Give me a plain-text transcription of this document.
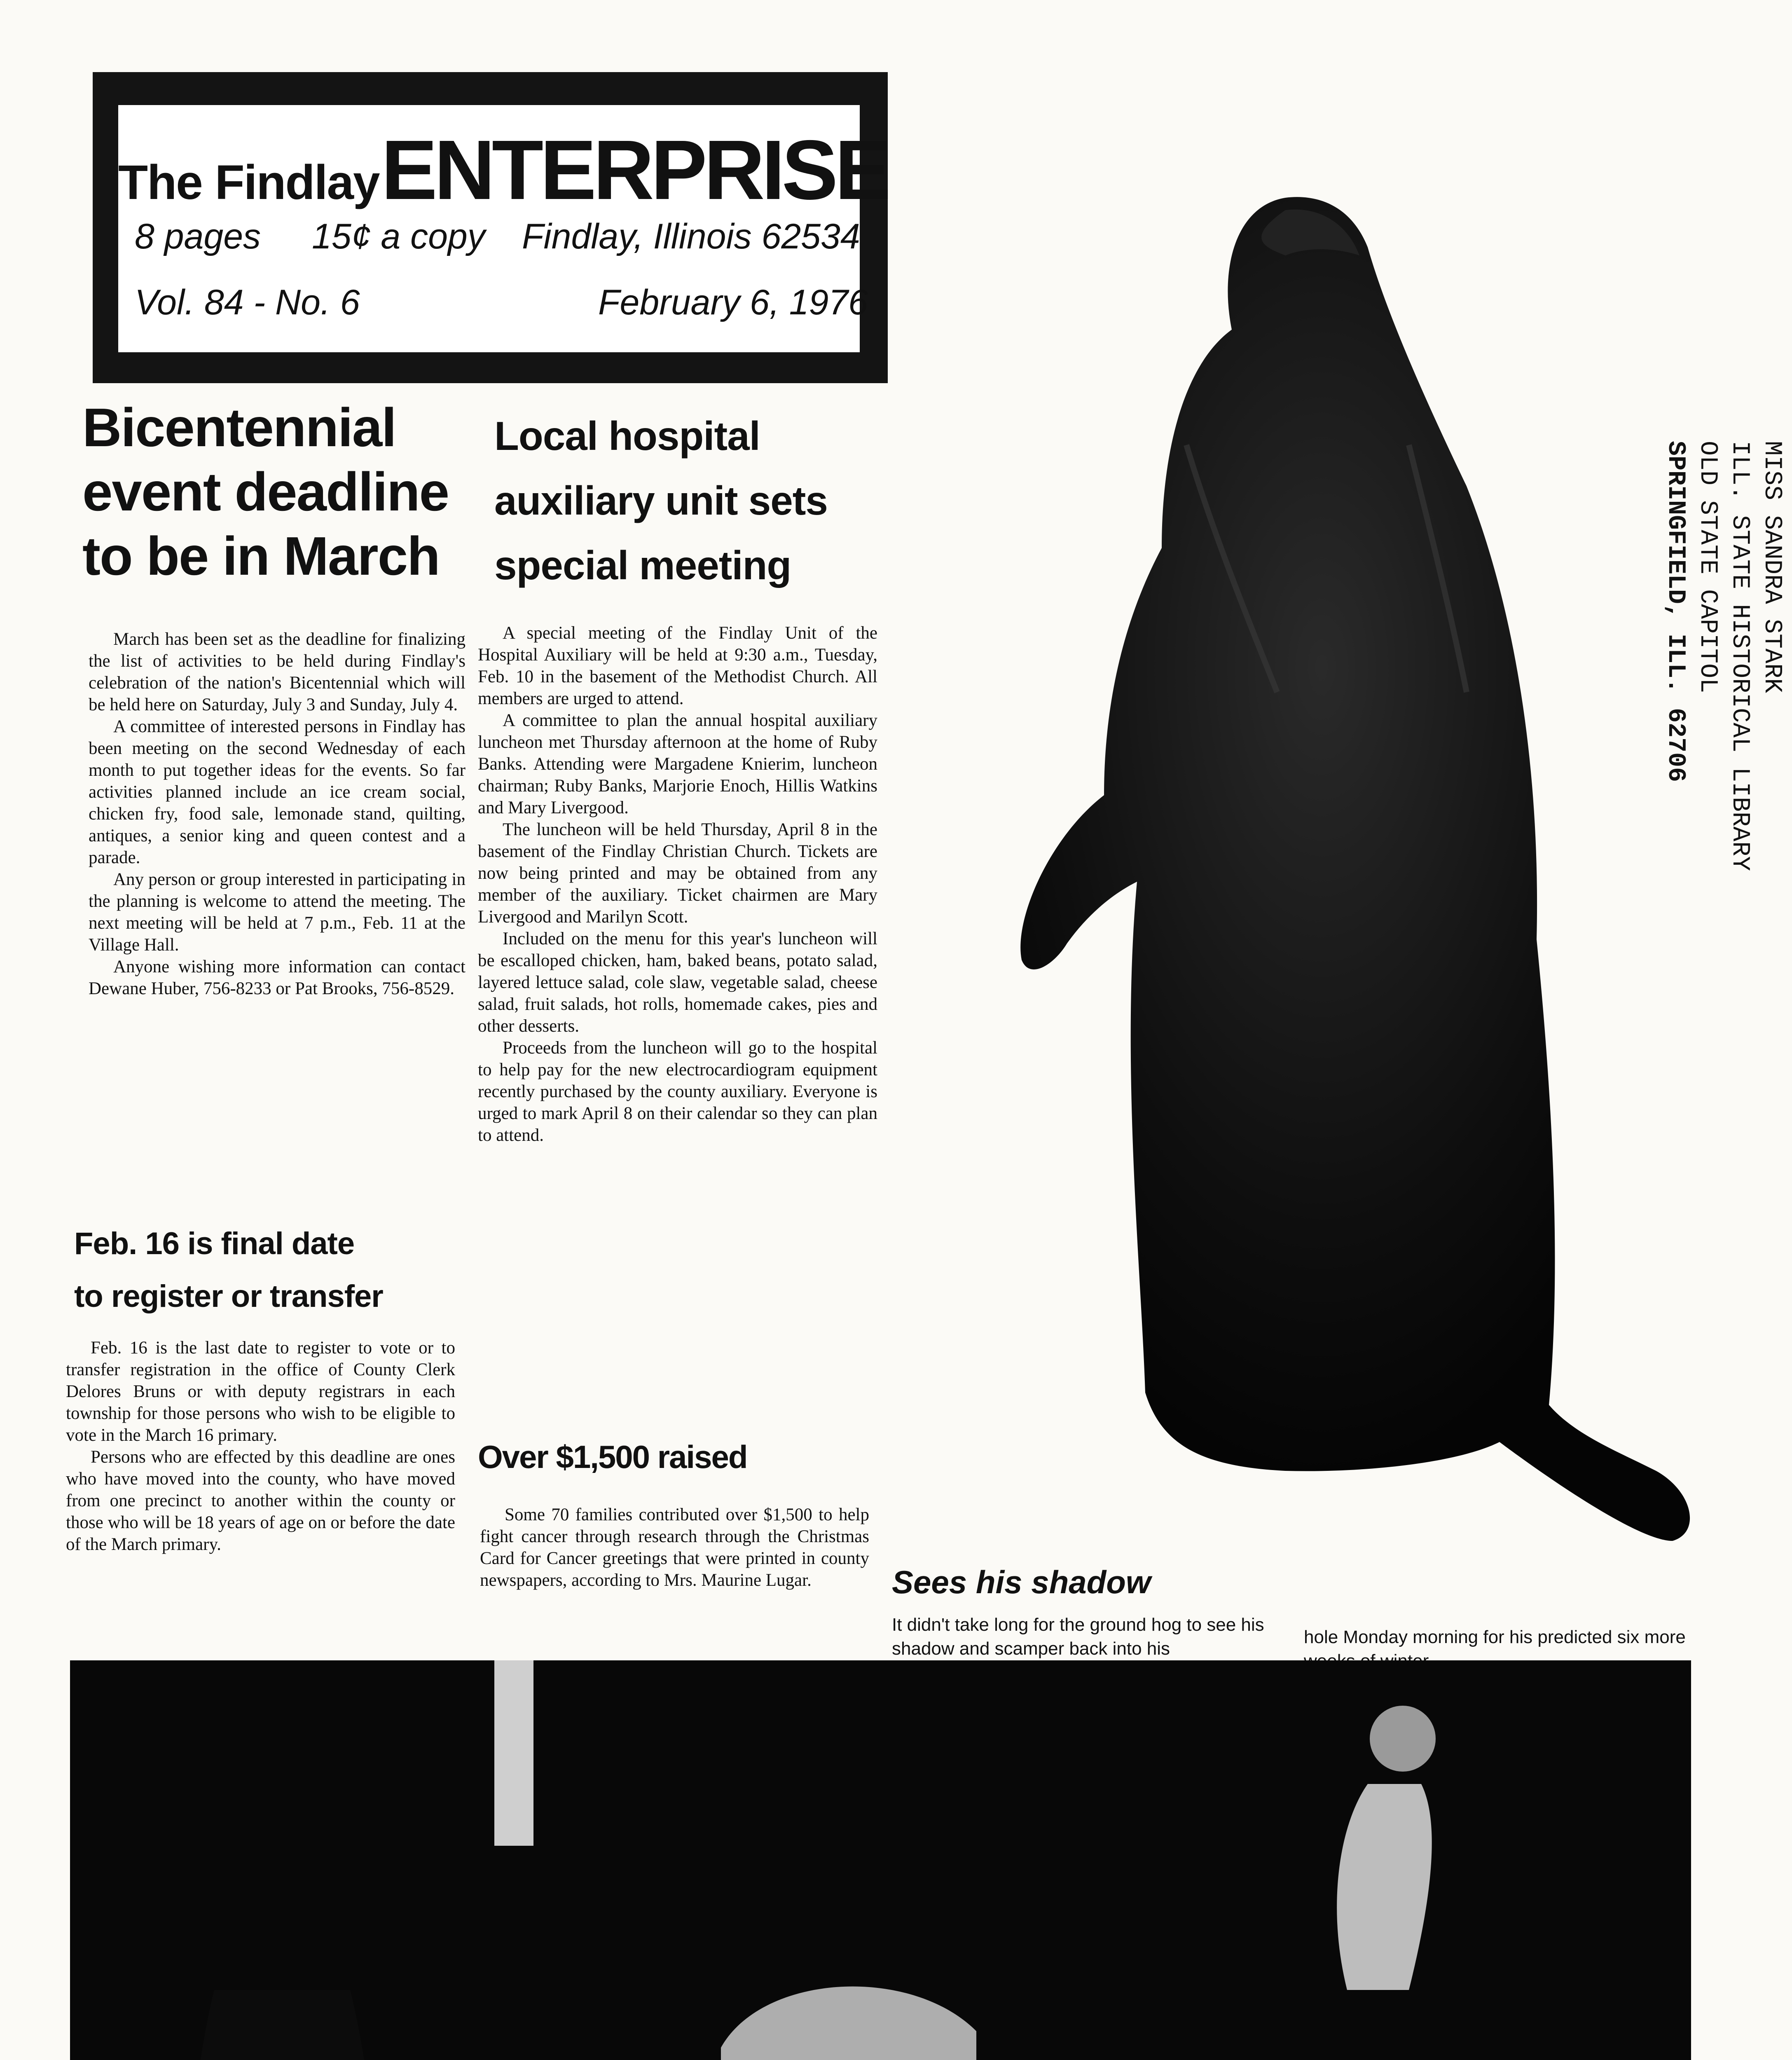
The Findlay ENTERPRISE
8 pages 15¢ a copy Findlay, Illinois 62534
Vol. 84 - No. 6	February 6, 1976
MISS SANDRA STARK
ILL. STATE HISTORICAL LIBRARY
OLD STATE CAPITOL
SPRINGFIELD, ILL. 62706
Bicentennial
event deadline
to be in March

March has been set as the deadline for finalizing the list of activities to be held during Findlay's celebration of the nation's Bicentennial which will be held here on Saturday, July 3 and Sunday, July 4.

A committee of interested persons in Findlay has been meeting on the second Wednesday of each month to put together ideas for the events. So far activities planned include an ice cream social, chicken fry, food sale, lemonade stand, quilting, antiques, a senior king and queen contest and a parade.

Any person or group interested in participating in the planning is welcome to attend the meeting. The next meeting will be held at 7 p.m., Feb. 11 at the Village Hall.

Anyone wishing more information can contact Dewane Huber, 756-8233 or Pat Brooks, 756-8529.

Feb. 16 is final date
to register or transfer

Feb. 16 is the last date to register to vote or to transfer registration in the office of County Clerk Delores Bruns or with deputy registrars in each township for those persons who wish to be eligible to vote in the March 16 primary.

Persons who are effected by this deadline are ones who have moved into the county, who have moved from one precinct to another within the county or those who will be 18 years of age on or before the date of the March primary.

Local hospital
auxiliary unit sets
special meeting

A special meeting of the Findlay Unit of the Hospital Auxiliary will be held at 9:30 a.m., Tuesday, Feb. 10 in the basement of the Methodist Church. All members are urged to attend.

A committee to plan the annual hospital auxiliary luncheon met Thursday afternoon at the home of Ruby Banks. Attending were Margadene Knierim, luncheon chairman; Ruby Banks, Marjorie Enoch, Hillis Watkins and Mary Livergood.

The luncheon will be held Thursday, April 8 in the basement of the Findlay Christian Church. Tickets are now being printed and may be obtained from any member of the auxiliary. Ticket chairmen are Mary Livergood and Marilyn Scott.

Included on the menu for this year's luncheon will be escalloped chicken, ham, baked beans, potato salad, layered lettuce salad, cole slaw, vegetable salad, cheese salad, fruit salads, hot rolls, homemade cakes, pies and other desserts.

Proceeds from the luncheon will go to the hospital to help pay for the new electrocardiogram equipment recently purchased by the county auxiliary. Everyone is urged to mark April 8 on their calendar so they can plan to attend.

Over $1,500 raised

Some 70 families contributed over $1,500 to help fight cancer through research through the Christmas Card for Cancer greetings that were printed in county newspapers, according to Mrs. Maurine Lugar.	Sees his shadow
It didn't take long for the ground hog to see his shadow and scamper back into his
hole Monday morning for his predicted six more
